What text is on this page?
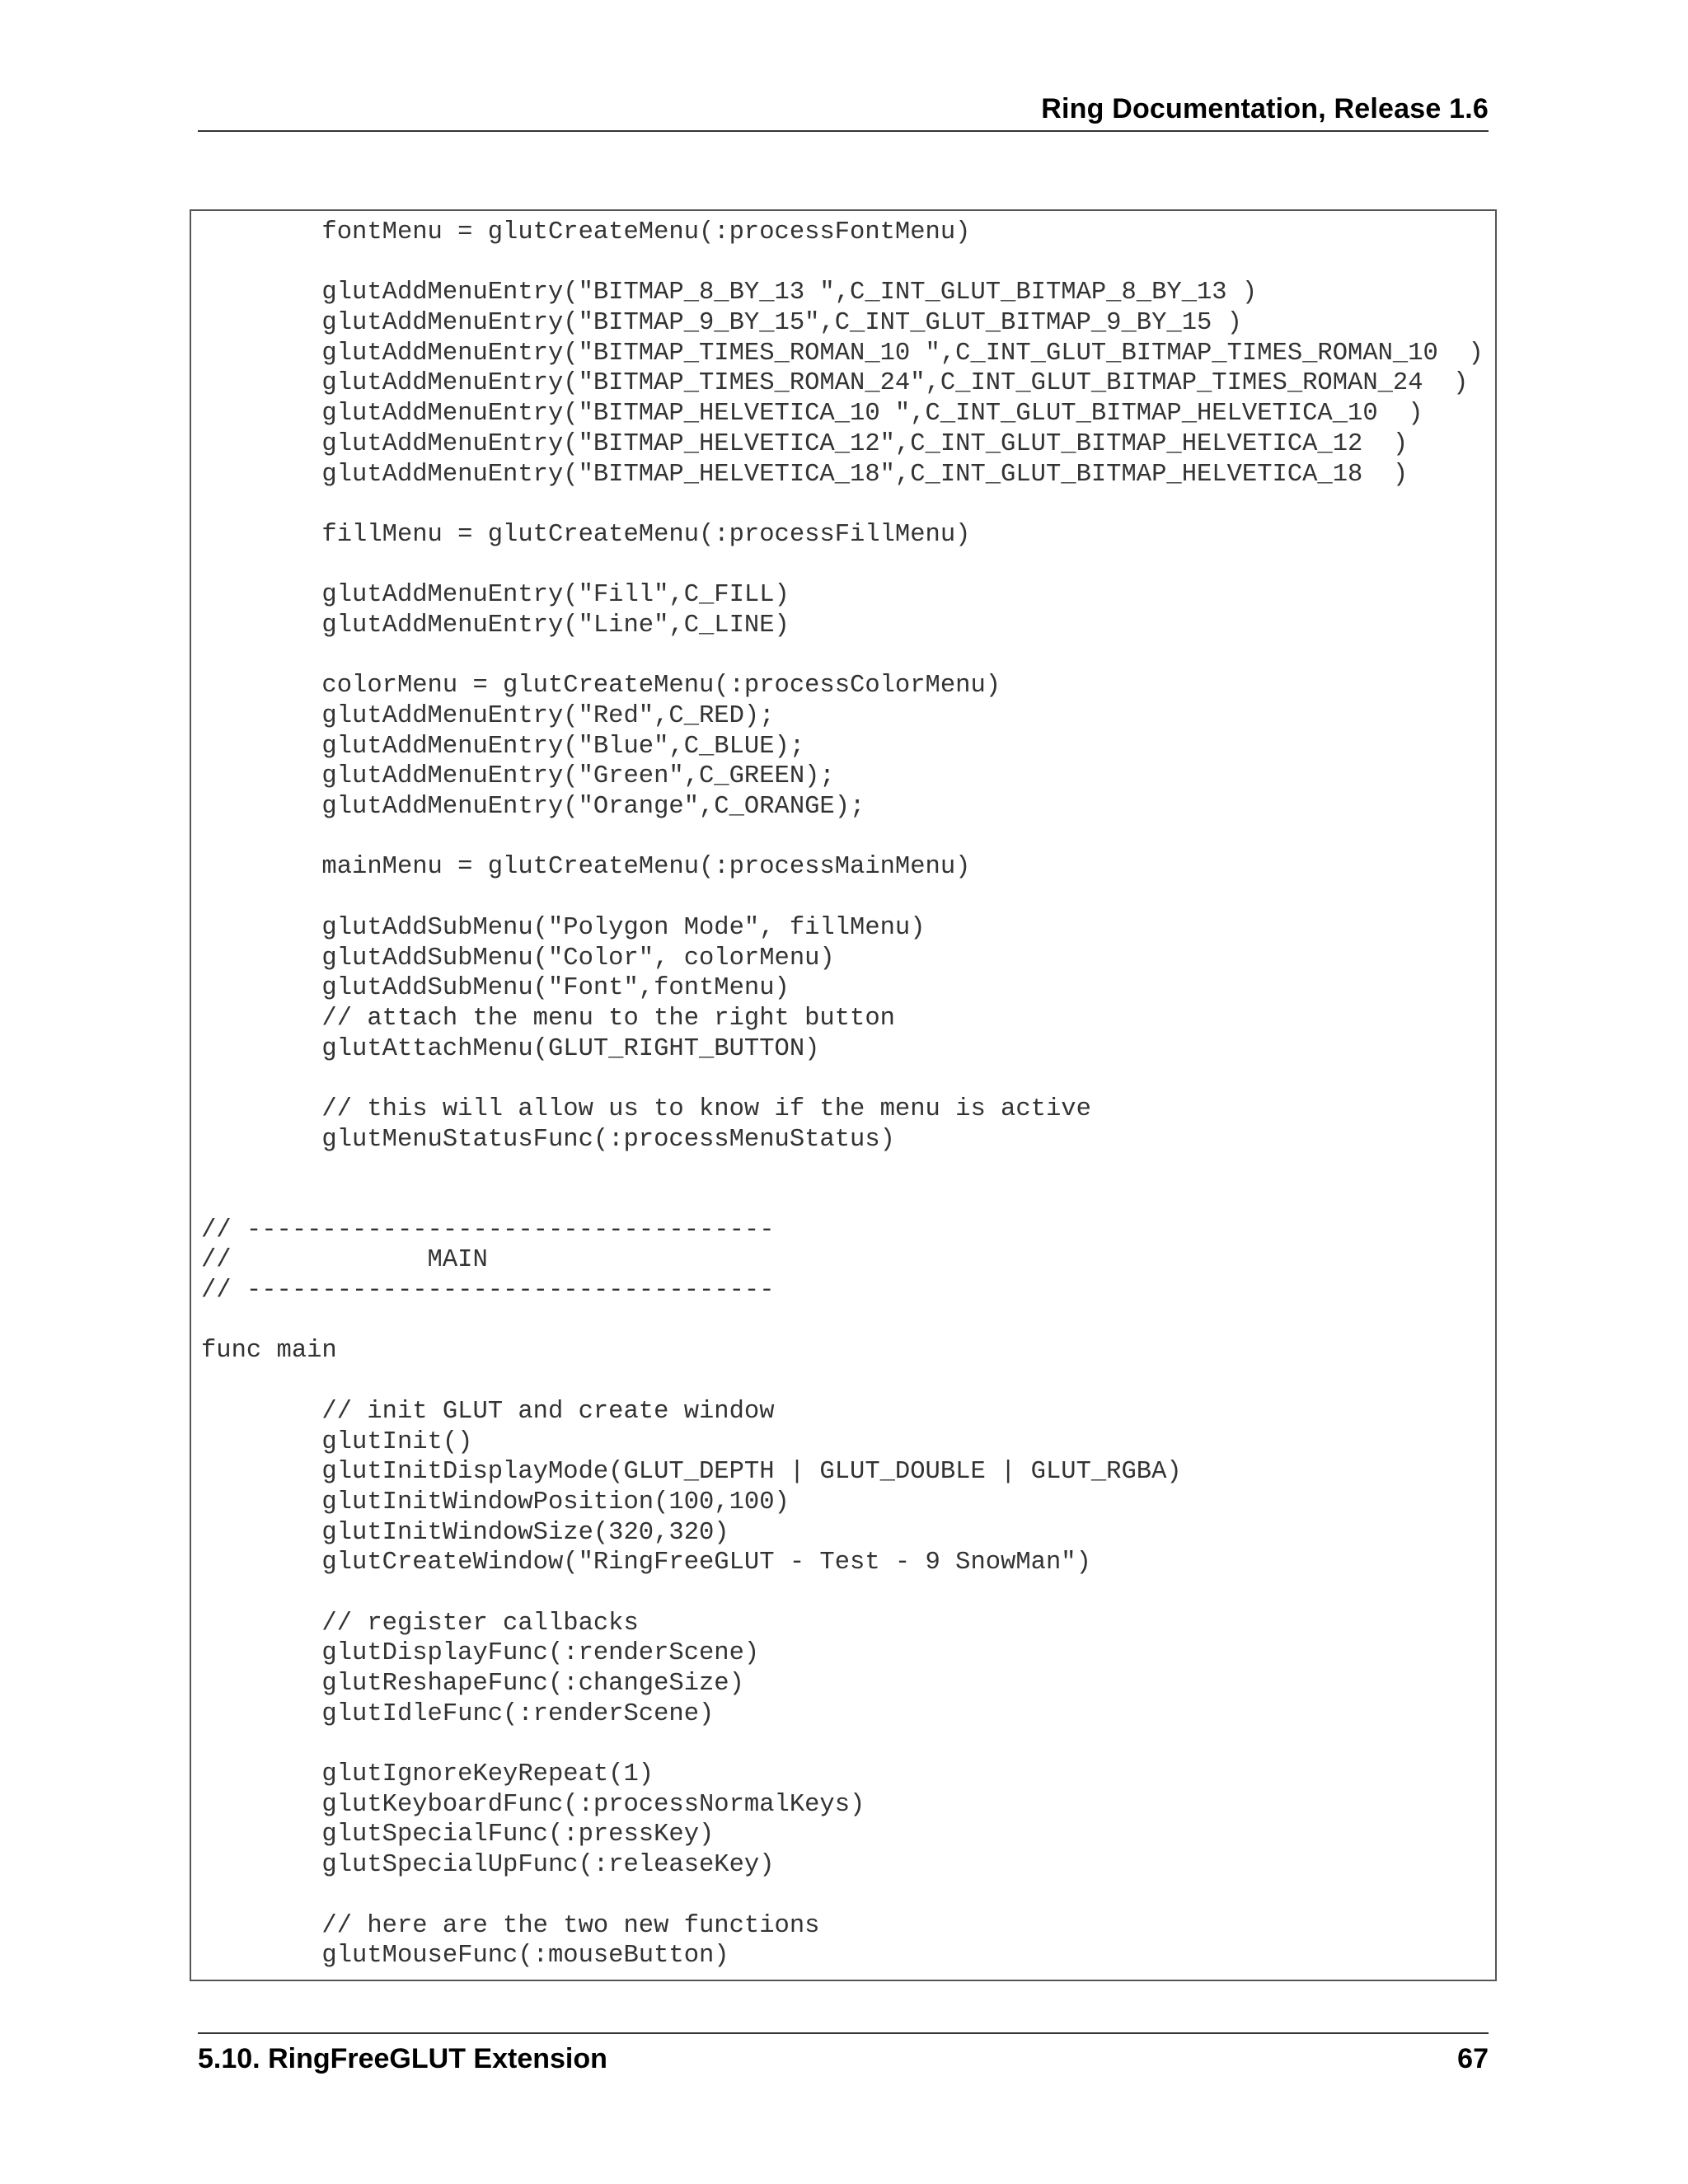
Ring Documentation, Release 1.6
fontMenu = glutCreateMenu(:processFontMenu)
glutAddMenuEntry("BITMAP_8_BY_13 ",C_INT_GLUT_BITMAP_8_BY_13 )
glutAddMenuEntry("BITMAP_9_BY_15",C_INT_GLUT_BITMAP_9_BY_15 )
glutAddMenuEntry("BITMAP_TIMES_ROMAN_10 ",C_INT_GLUT_BITMAP_TIMES_ROMAN_10  )
glutAddMenuEntry("BITMAP_TIMES_ROMAN_24",C_INT_GLUT_BITMAP_TIMES_ROMAN_24  )
glutAddMenuEntry("BITMAP_HELVETICA_10 ",C_INT_GLUT_BITMAP_HELVETICA_10  )
glutAddMenuEntry("BITMAP_HELVETICA_12",C_INT_GLUT_BITMAP_HELVETICA_12  )
glutAddMenuEntry("BITMAP_HELVETICA_18",C_INT_GLUT_BITMAP_HELVETICA_18  )
fillMenu = glutCreateMenu(:processFillMenu)
glutAddMenuEntry("Fill",C_FILL)
glutAddMenuEntry("Line",C_LINE)
colorMenu = glutCreateMenu(:processColorMenu)
glutAddMenuEntry("Red",C_RED);
glutAddMenuEntry("Blue",C_BLUE);
glutAddMenuEntry("Green",C_GREEN);
glutAddMenuEntry("Orange",C_ORANGE);
mainMenu = glutCreateMenu(:processMainMenu)
glutAddSubMenu("Polygon Mode", fillMenu)
glutAddSubMenu("Color", colorMenu)
glutAddSubMenu("Font",fontMenu)
// attach the menu to the right button
glutAttachMenu(GLUT_RIGHT_BUTTON)
// this will allow us to know if the menu is active
glutMenuStatusFunc(:processMenuStatus)
// -----------------------------------
//             MAIN
// -----------------------------------
func main
// init GLUT and create window
glutInit()
glutInitDisplayMode(GLUT_DEPTH | GLUT_DOUBLE | GLUT_RGBA)
glutInitWindowPosition(100,100)
glutInitWindowSize(320,320)
glutCreateWindow("RingFreeGLUT - Test - 9 SnowMan")
// register callbacks
glutDisplayFunc(:renderScene)
glutReshapeFunc(:changeSize)
glutIdleFunc(:renderScene)
glutIgnoreKeyRepeat(1)
glutKeyboardFunc(:processNormalKeys)
glutSpecialFunc(:pressKey)
glutSpecialUpFunc(:releaseKey)
// here are the two new functions
glutMouseFunc(:mouseButton)
5.10. RingFreeGLUT Extension	67
